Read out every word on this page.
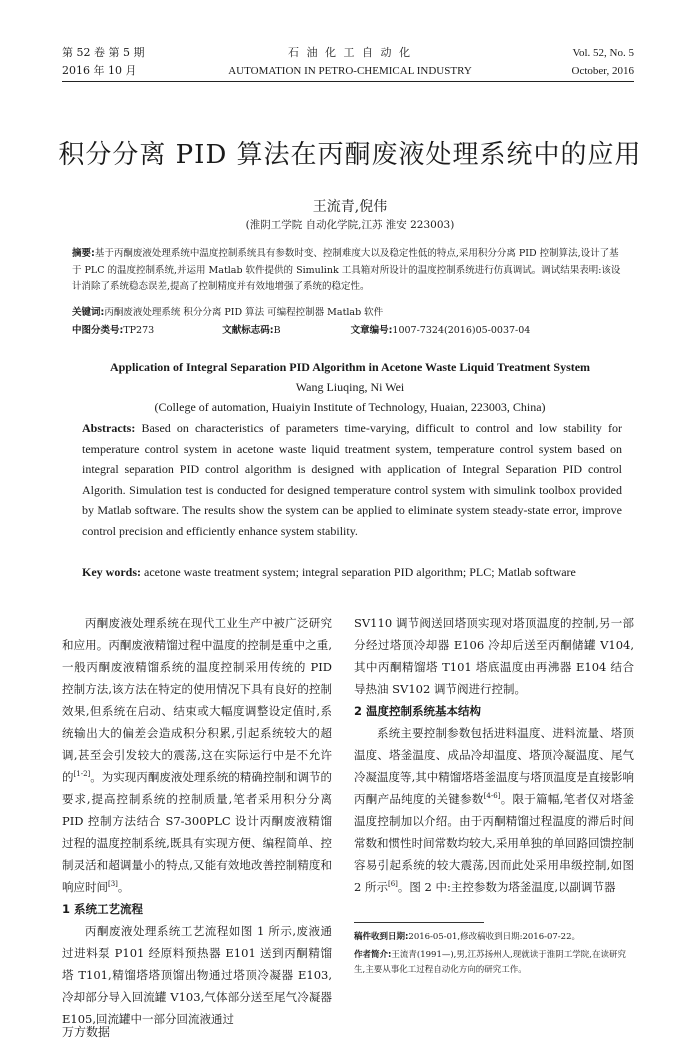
第 52 卷 第 5 期
2016 年 10 月
石 油 化 工 自 动 化
AUTOMATION IN PETRO-CHEMICAL INDUSTRY
Vol. 52, No. 5
October, 2016
积分分离 PID 算法在丙酮废液处理系统中的应用
王流青,倪伟
(淮阴工学院 自动化学院,江苏 淮安 223003)
摘要:基于丙酮废液处理系统中温度控制系统具有参数时变、控制难度大以及稳定性低的特点,采用积分分离 PID 控制算法,设计了基于 PLC 的温度控制系统,并运用 Matlab 软件提供的 Simulink 工具箱对所设计的温度控制系统进行仿真调试。调试结果表明:该设计消除了系统稳态误差,提高了控制精度并有效地增强了系统的稳定性。
关键词:丙酮废液处理系统 积分分离 PID 算法 可编程控制器 Matlab 软件
中图分类号:TP273	文献标志码:B	文章编号:1007-7324(2016)05-0037-04
Application of Integral Separation PID Algorithm in Acetone Waste Liquid Treatment System
Wang Liuqing, Ni Wei
(College of automation, Huaiyin Institute of Technology, Huaian, 223003, China)
Abstracts: Based on characteristics of parameters time-varying, difficult to control and low stability for temperature control system in acetone waste liquid treatment system, temperature control system based on integral separation PID control algorithm is designed with application of Integral Separation PID control Algorith. Simulation test is conducted for designed temperature control system with simulink toolbox provided by Matlab software. The results show the system can be applied to eliminate system steady-state error, improve control precision and efficiently enhance system stability.
Key words: acetone waste treatment system; integral separation PID algorithm; PLC; Matlab software

丙酮废液处理系统在现代工业生产中被广泛研究和应用。丙酮废液精馏过程中温度的控制是重中之重,一般丙酮废液精馏系统的温度控制采用传统的 PID 控制方法,该方法在特定的使用情况下具有良好的控制效果,但系统在启动、结束或大幅度调整设定值时,系统输出大的偏差会造成积分积累,引起系统较大的超调,甚至会引发较大的震荡,这在实际运行中是不允许的[1-2]。为实现丙酮废液处理系统的精确控制和调节的要求,提高控制系统的控制质量,笔者采用积分分离 PID 控制方法结合 S7-300PLC 设计丙酮废液精馏过程的温度控制系统,既具有实现方便、编程简单、控制灵活和超调量小的特点,又能有效地改善控制精度和响应时间[3]。

1 系统工艺流程

丙酮废液处理系统工艺流程如图 1 所示,废液通过进料泵 P101 经原料预热器 E101 送到丙酮精馏塔 T101,精馏塔塔顶馏出物通过塔顶冷凝器 E103,冷却部分导入回流罐 V103,气体部分送至尾气冷凝器 E105,回流罐中一部分回流液通过

SV110 调节阀送回塔顶实现对塔顶温度的控制,另一部分经过塔顶冷却器 E106 冷却后送至丙酮储罐 V104,其中丙酮精馏塔 T101 塔底温度由再沸器 E104 结合导热油 SV102 调节阀进行控制。

2 温度控制系统基本结构

系统主要控制参数包括进料温度、进料流量、塔顶温度、塔釜温度、成品冷却温度、塔顶冷凝温度、尾气冷凝温度等,其中精馏塔塔釜温度与塔顶温度是直接影响丙酮产品纯度的关键参数[4-6]。限于篇幅,笔者仅对塔釜温度控制加以介绍。由于丙酮精馏过程温度的滞后时间常数和惯性时间常数均较大,采用单独的单回路回馈控制容易引起系统的较大震荡,因而此处采用串级控制,如图 2 所示[6]。图 2 中:主控参数为塔釜温度,以副调节器

稿件收到日期:2016-05-01,修改稿收到日期:2016-07-22。
作者简介:王流青(1991—),男,江苏扬州人,现就读于淮阴工学院,在读研究生,主要从事化工过程自动化方向的研究工作。
万方数据
